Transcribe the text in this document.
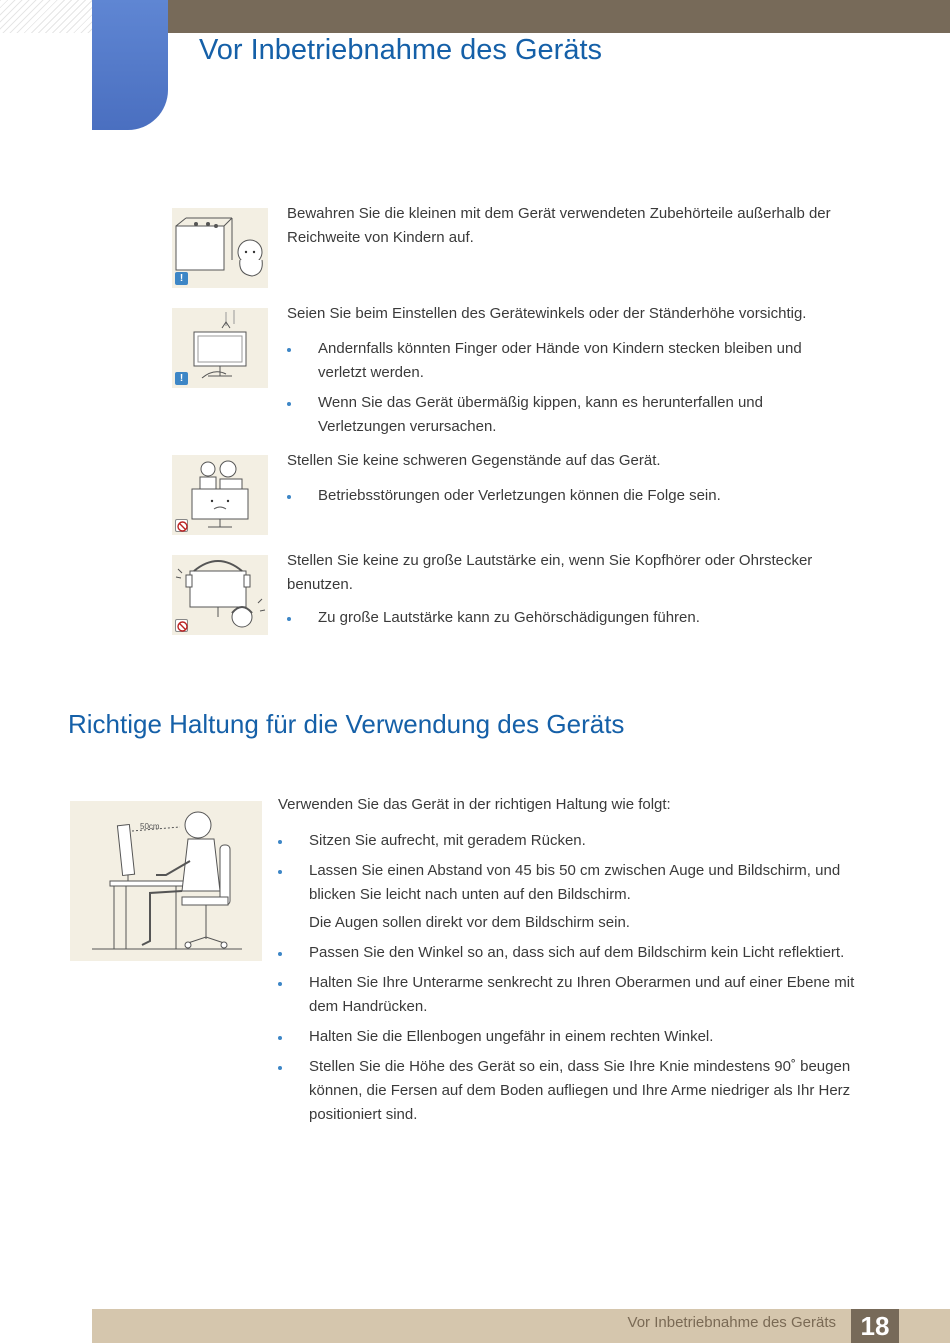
Vor Inbetriebnahme des Geräts
!
Bewahren Sie die kleinen mit dem Gerät verwendeten Zubehörteile außerhalb der Reichweite von Kindern auf.
!
Seien Sie beim Einstellen des Gerätewinkels oder der Ständerhöhe vorsichtig.
Andernfalls könnten Finger oder Hände von Kindern stecken bleiben und verletzt werden.
Wenn Sie das Gerät übermäßig kippen, kann es herunterfallen und Verletzungen verursachen.
Stellen Sie keine schweren Gegenstände auf das Gerät.
Betriebsstörungen oder Verletzungen können die Folge sein.
Stellen Sie keine zu große Lautstärke ein, wenn Sie Kopfhörer oder Ohrstecker benutzen.
Zu große Lautstärke kann zu Gehörschädigungen führen.
Richtige Haltung für die Verwendung des Geräts
50cm
Verwenden Sie das Gerät in der richtigen Haltung wie folgt:
Sitzen Sie aufrecht, mit geradem Rücken.
Lassen Sie einen Abstand von 45 bis 50 cm zwischen Auge und Bildschirm, und blicken Sie leicht nach unten auf den Bildschirm.
Die Augen sollen direkt vor dem Bildschirm sein.
Passen Sie den Winkel so an, dass sich auf dem Bildschirm kein Licht reflektiert.
Halten Sie Ihre Unterarme senkrecht zu Ihren Oberarmen und auf einer Ebene mit dem Handrücken.
Halten Sie die Ellenbogen ungefähr in einem rechten Winkel.
Stellen Sie die Höhe des Gerät so ein, dass Sie Ihre Knie mindestens 90˚ beugen können, die Fersen auf dem Boden aufliegen und Ihre Arme niedriger als Ihr Herz positioniert sind.
Vor Inbetriebnahme des Geräts 18
